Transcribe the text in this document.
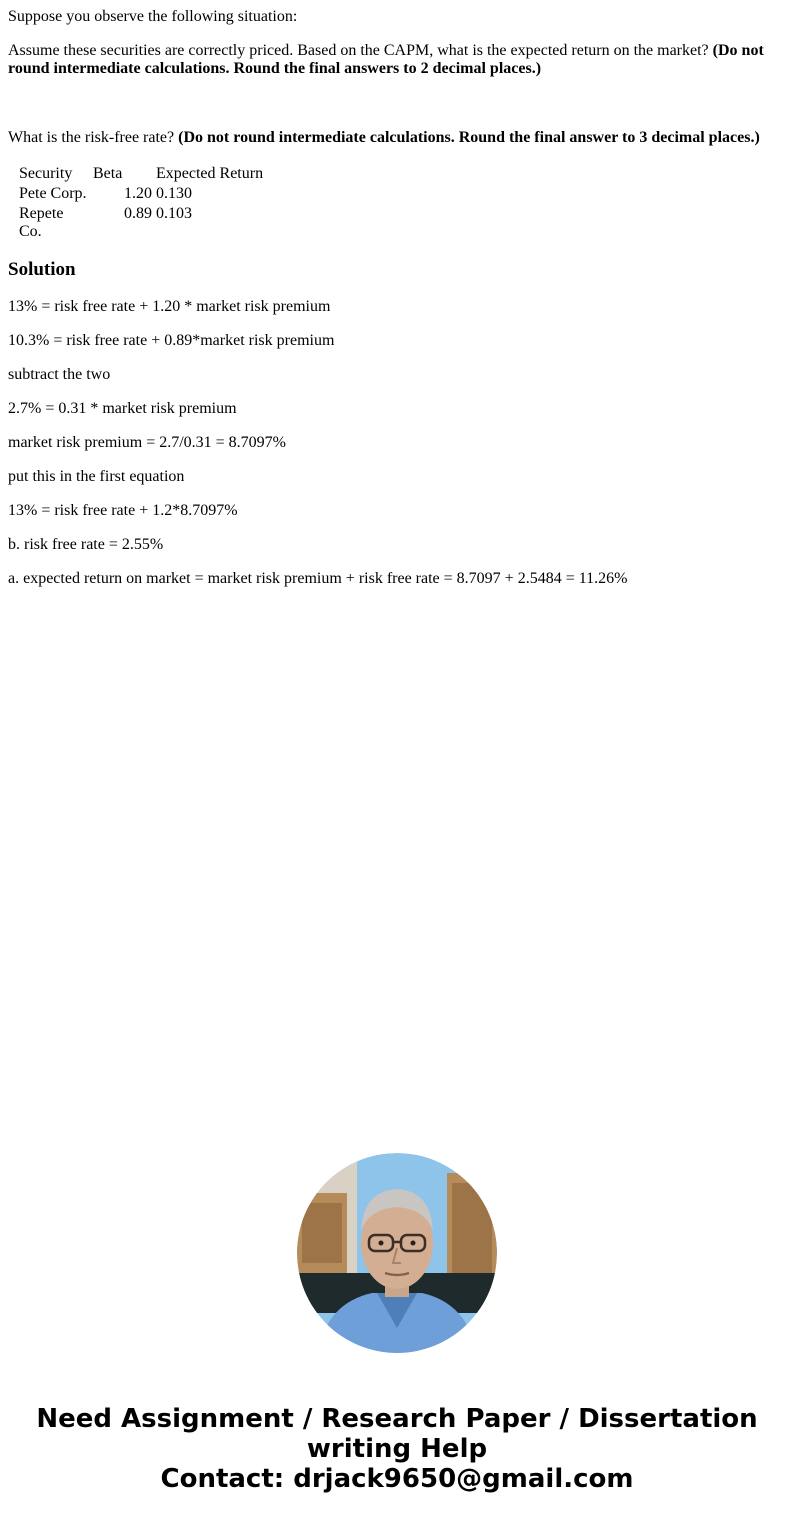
Suppose you observe the following situation:

Assume these securities are correctly priced. Based on the CAPM, what is the expected return on the market? (Do not round intermediate calculations. Round the final answers to 2 decimal places.)

What is the risk-free rate? (Do not round intermediate calculations. Round the final answer to 3 decimal places.)

Security	Beta	Expected Return
Pete Corp.	1.20	0.130
Repete Co.	0.89	0.103
Solution

13% = risk free rate + 1.20 * market risk premium

10.3% = risk free rate + 0.89*market risk premium

subtract the two

2.7% = 0.31 * market risk premium

market risk premium = 2.7/0.31 = 8.7097%

put this in the first equation

13% = risk free rate + 1.2*8.7097%

b. risk free rate = 2.55%

a. expected return on market = market risk premium + risk free rate = 8.7097 + 2.5484 = 11.26%

Need Assignment / Research Paper / Dissertation
writing Help
Contact: drjack9650@gmail.com
